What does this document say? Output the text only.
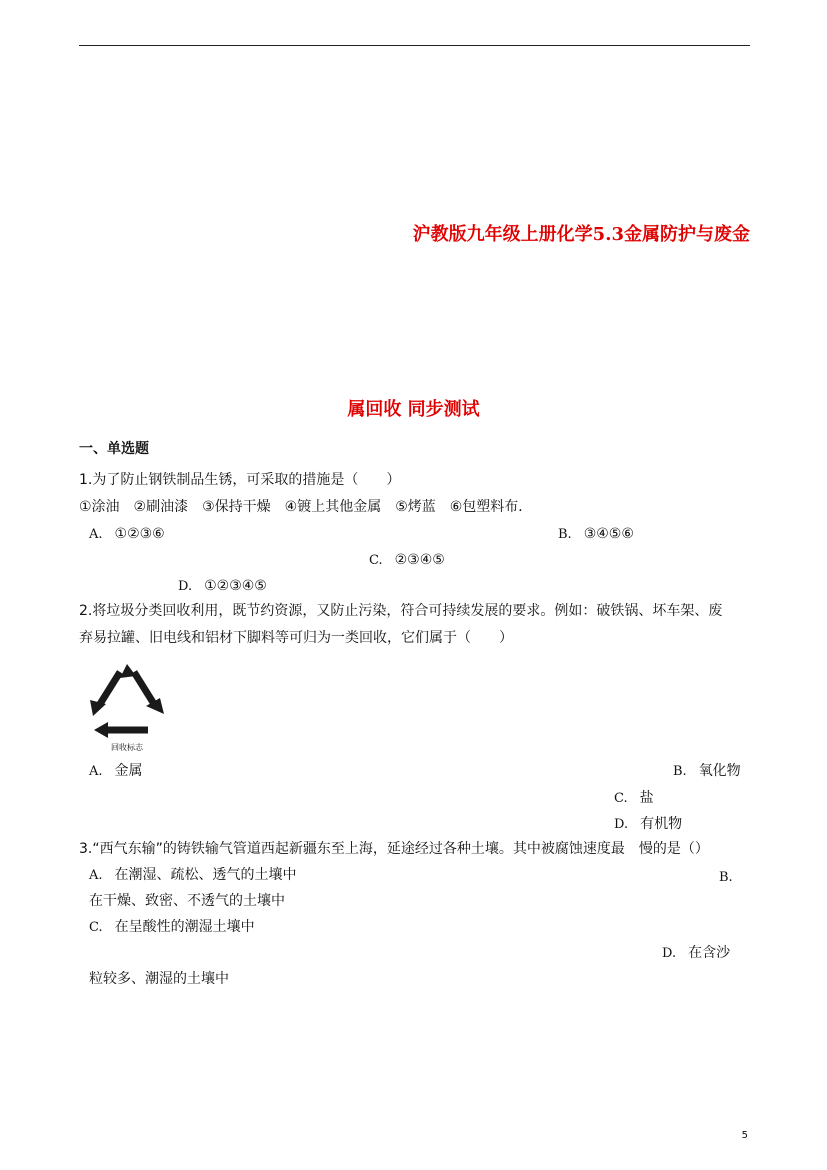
沪教版九年级上册化学5.3金属防护与废金
属回收 同步测试
一、单选题
1.为了防止钢铁制品生锈，可采取的措施是（　　）
①涂油　②刷油漆　③保持干燥　④镀上其他金属　⑤烤蓝　⑥包塑料布．
A. ①②③⑥	B. ③④⑤⑥
C. ②③④⑤
D. ①②③④⑤
2.将垃圾分类回收利用，既节约资源，又防止污染，符合可持续发展的要求。例如：破铁锅、坏车架、废
弃易拉罐、旧电线和铝材下脚料等可归为一类回收，它们属于（　　）
回收标志
A. 金属	B. 氧化物
C. 盐
D. 有机物
3.“西气东输”的铸铁输气管道西起新疆东至上海，延途经过各种土壤。其中被腐蚀速度最　慢的是（）
A. 在潮湿、疏松、透气的土壤中	B.
在干燥、致密、不透气的土壤中
C. 在呈酸性的潮湿土壤中
D. 在含沙
粒较多、潮湿的土壤中
5
